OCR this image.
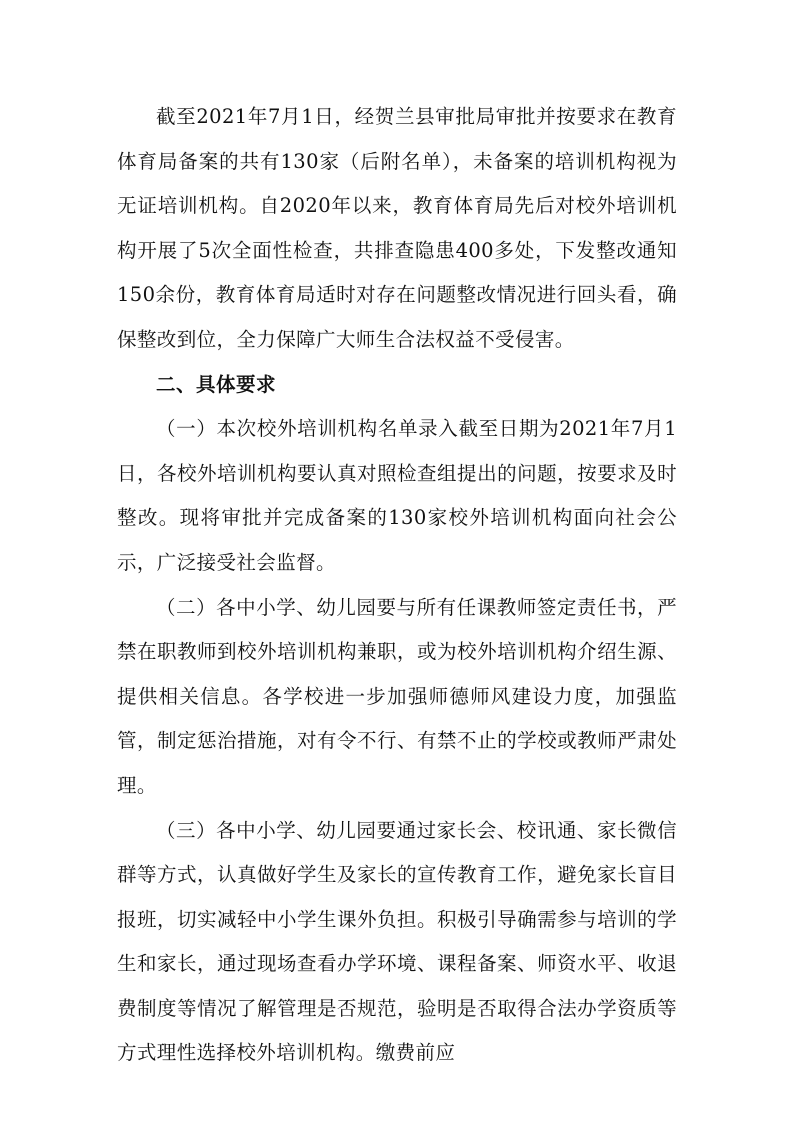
截至2021年7月1日，经贺兰县审批局审批并按要求在教育体育局备案的共有130家（后附名单），未备案的培训机构视为无证培训机构。自2020年以来，教育体育局先后对校外培训机构开展了5次全面性检查，共排查隐患400多处，下发整改通知150余份，教育体育局适时对存在问题整改情况进行回头看，确保整改到位，全力保障广大师生合法权益不受侵害。

二、具体要求

（一）本次校外培训机构名单录入截至日期为2021年7月1日，各校外培训机构要认真对照检查组提出的问题，按要求及时整改。现将审批并完成备案的130家校外培训机构面向社会公示，广泛接受社会监督。

（二）各中小学、幼儿园要与所有任课教师签定责任书，严禁在职教师到校外培训机构兼职，或为校外培训机构介绍生源、提供相关信息。各学校进一步加强师德师风建设力度，加强监管，制定惩治措施，对有令不行、有禁不止的学校或教师严肃处理。

（三）各中小学、幼儿园要通过家长会、校讯通、家长微信群等方式，认真做好学生及家长的宣传教育工作，避免家长盲目报班，切实减轻中小学生课外负担。积极引导确需参与培训的学生和家长，通过现场查看办学环境、课程备案、师资水平、收退费制度等情况了解管理是否规范，验明是否取得合法办学资质等方式理性选择校外培训机构。缴费前应
